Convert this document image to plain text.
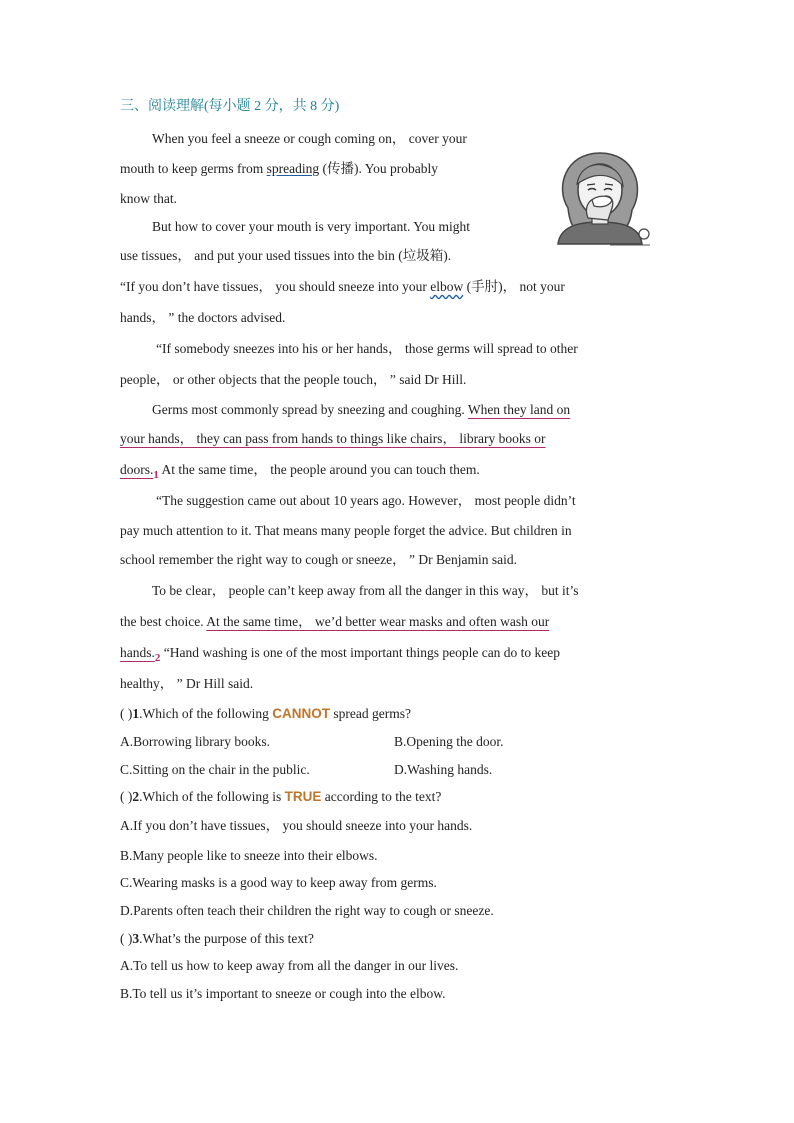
三、阅读理解(每小题 2 分，共 8 分)
When you feel a sneeze or cough coming on， cover your
mouth to keep germs from spreading (传播). You probably
know that.
But how to cover your mouth is very important. You might
use tissues， and put your used tissues into the bin (垃圾箱).
“If you don’t have tissues， you should sneeze into your elbow (手肘)， not your
hands， ” the doctors advised.
“If somebody sneezes into his or her hands， those germs will spread to other
people， or other objects that the people touch， ” said Dr Hill.
Germs most commonly spread by sneezing and coughing. When they land on
your hands， they can pass from hands to things like chairs， library books or
$doors._1$ At the same time， the people around you can touch them.
“The suggestion came out about 10 years ago. However， most people didn’t
pay much attention to it. That means many people forget the advice. But children in
school remember the right way to cough or sneeze， ” Dr Benjamin said.
To be clear， people can’t keep away from all the danger in this way， but it’s
the best choice. At the same time， we’d better wear masks and often wash our
$hands._2$ “Hand washing is one of the most important things people can do to keep
healthy， ” Dr Hill said.
( )1.Which of the following CANNOT spread germs?
A.Borrowing library books.	B.Opening the door.
C.Sitting on the chair in the public.	D.Washing hands.
( )2.Which of the following is TRUE according to the text?
A.If you don’t have tissues， you should sneeze into your hands.
B.Many people like to sneeze into their elbows.
C.Wearing masks is a good way to keep away from germs.
D.Parents often teach their children the right way to cough or sneeze.
( )3.What’s the purpose of this text?
A.To tell us how to keep away from all the danger in our lives.
B.To tell us it’s important to sneeze or cough into the elbow.
